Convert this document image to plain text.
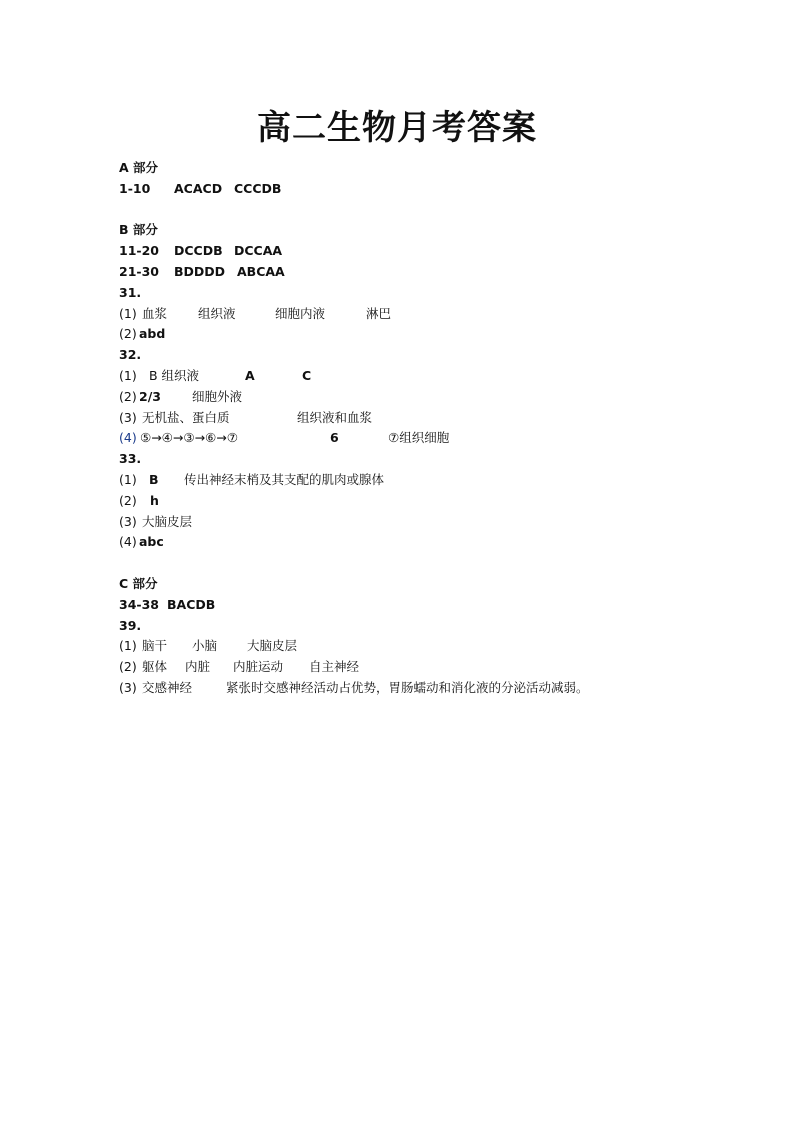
高二生物月考答案
A 部分
1-10 ACACD CCCDB
B 部分
11-20 DCCDB DCCAA
21-30 BDDDD ABCAA
31.
(1) 血浆 组织液	细胞内液	淋巴
(2) abd
32.
(1) B 组织液	A	C
(2) 2/3 细胞外液
(3) 无机盐、蛋白质	组织液和血浆
(4) ⑤→④→③→⑥→⑦	6	⑦组织细胞
33.
(1) B 传出神经末梢及其支配的肌肉或腺体
(2) h
(3) 大脑皮层
(4) abc
C 部分
34-38 BACDB
39.
(1) 脑干 小脑 大脑皮层
(2) 躯体 内脏 内脏运动 自主神经
(3) 交感神经	紧张时交感神经活动占优势，胃肠蠕动和消化液的分泌活动减弱。
